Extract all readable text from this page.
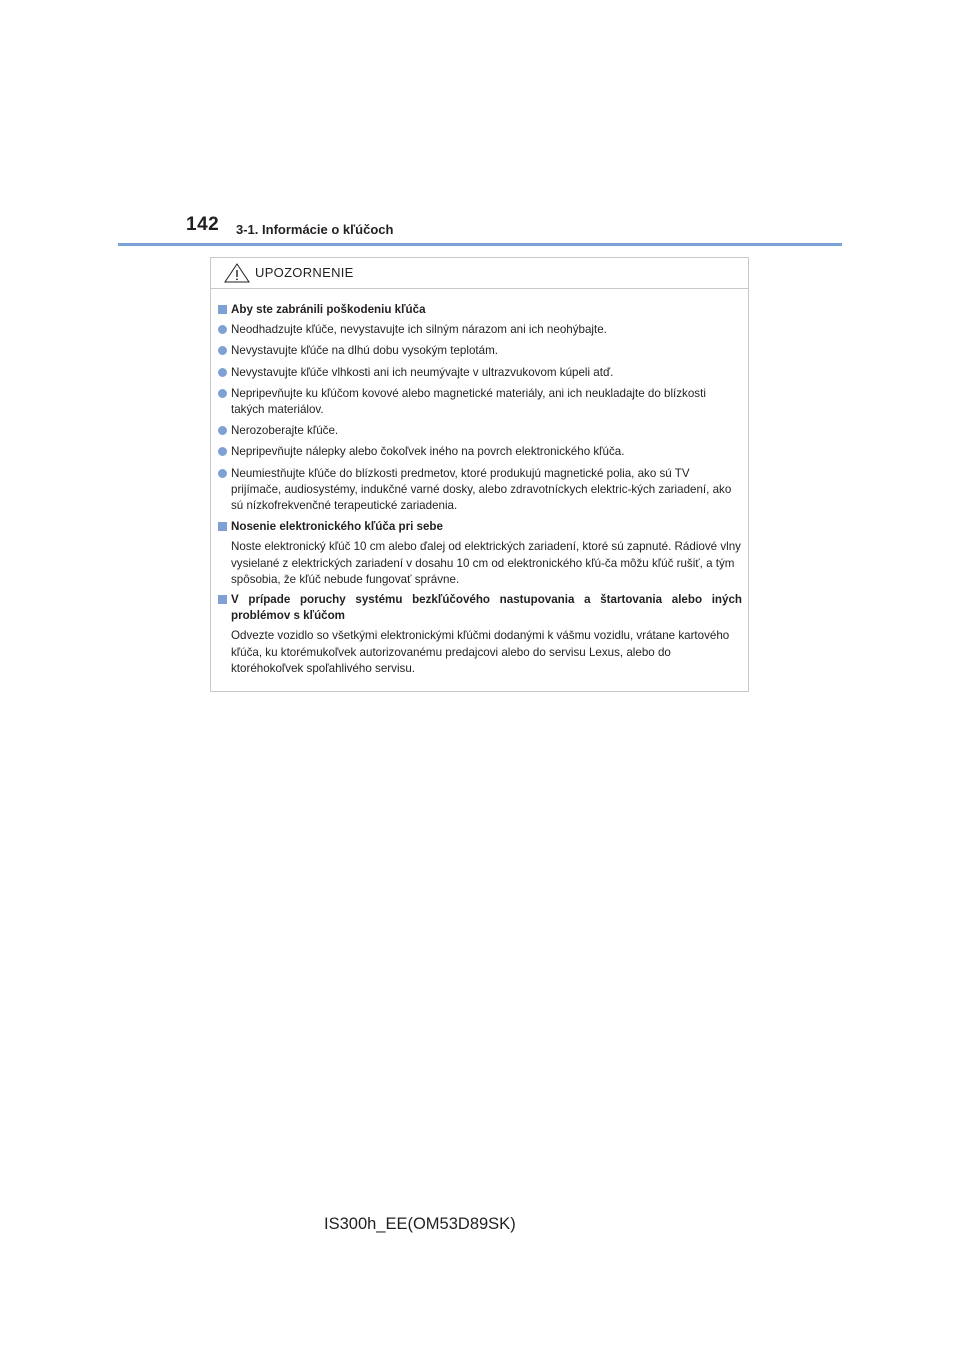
142 3-1. Informácie o kľúčoch
UPOZORNENIE
Aby ste zabránili poškodeniu kľúča
Neodhadzujte kľúče, nevystavujte ich silným nárazom ani ich neohýbajte.
Nevystavujte kľúče na dlhú dobu vysokým teplotám.
Nevystavujte kľúče vlhkosti ani ich neumývajte v ultrazvukovom kúpeli atď.
Nepripevňujte ku kľúčom kovové alebo magnetické materiály, ani ich neukladajte do blízkosti takých materiálov.
Nerozoberajte kľúče.
Nepripevňujte nálepky alebo čokoľvek iného na povrch elektronického kľúča.
Neumiestňujte kľúče do blízkosti predmetov, ktoré produkujú magnetické polia, ako sú TV prijímače, audiosystémy, indukčné varné dosky, alebo zdravotníckych elektric-kých zariadení, ako sú nízkofrekvenčné terapeutické zariadenia.
Nosenie elektronického kľúča pri sebe
Noste elektronický kľúč 10 cm alebo ďalej od elektrických zariadení, ktoré sú zapnuté. Rádiové vlny vysielané z elektrických zariadení v dosahu 10 cm od elektronického kľú-ča môžu kľúč rušiť, a tým spôsobia, že kľúč nebude fungovať správne.
V prípade poruchy systému bezkľúčového nastupovania a štartovania alebo iných problémov s kľúčom
Odvezte vozidlo so všetkými elektronickými kľúčmi dodanými k vášmu vozidlu, vrátane kartového kľúča, ku ktorémukoľvek autorizovanému predajcovi alebo do servisu Lexus, alebo do ktoréhokoľvek spoľahlivého servisu.
IS300h_EE(OM53D89SK)
